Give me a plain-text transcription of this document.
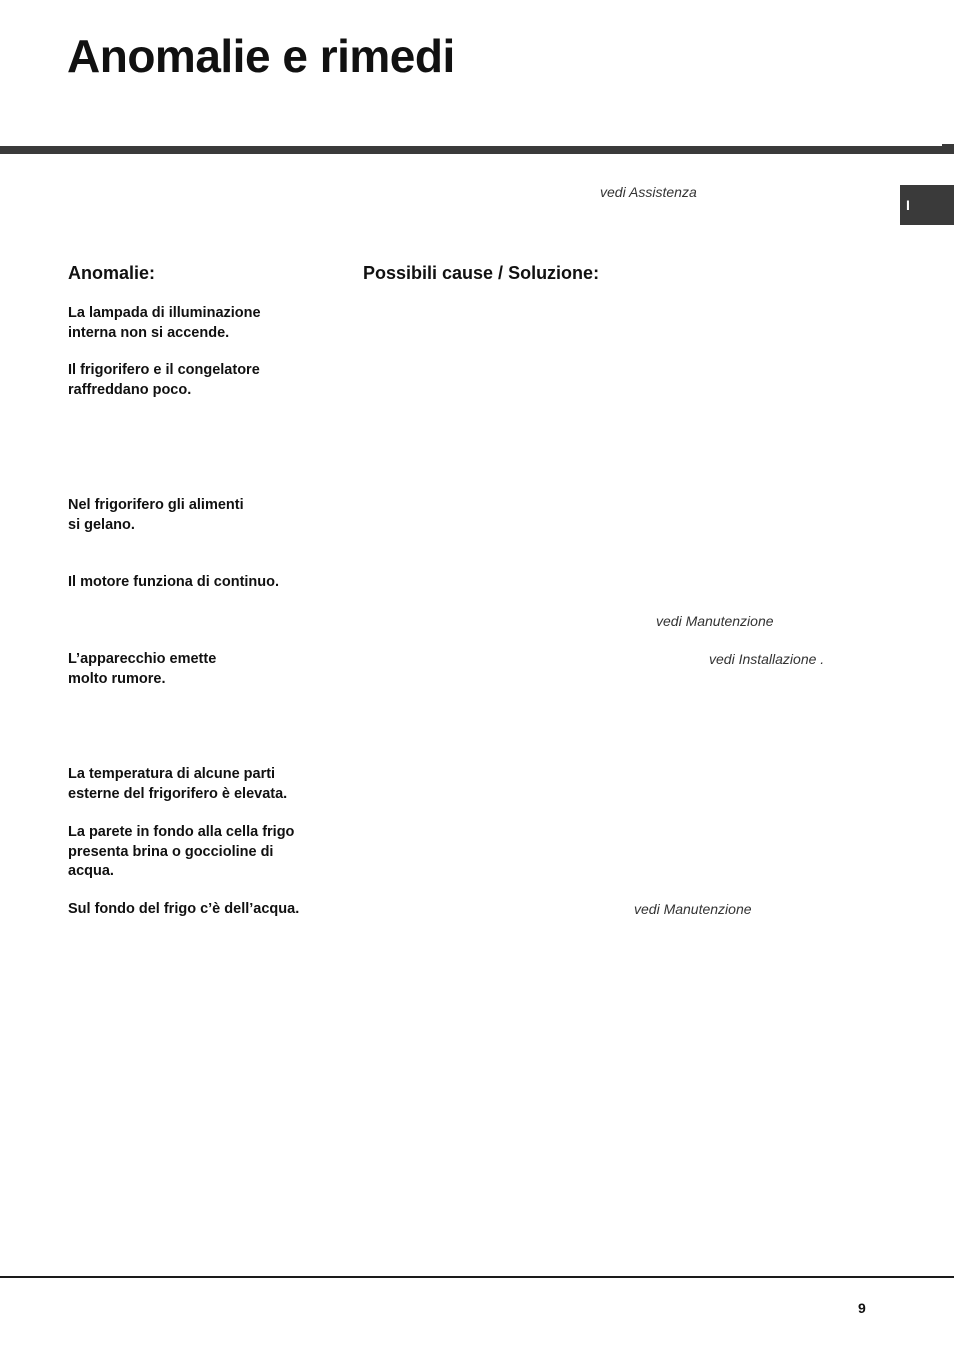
Anomalie e rimedi
I
vedi Assistenza
Anomalie:	Possibili cause / Soluzione:
La lampada di illuminazione
interna non si accende.
Il frigorifero e il congelatore
raffreddano poco.
Nel frigorifero gli alimenti
si gelano.
Il motore funziona di continuo.
vedi Manutenzione
vedi Installazione .
L’apparecchio emette
molto rumore.
La temperatura di alcune parti
esterne del frigorifero è elevata.
La parete in fondo alla cella frigo
presenta brina o goccioline di
acqua.
Sul fondo del frigo c’è dell’acqua.	vedi Manutenzione
9
